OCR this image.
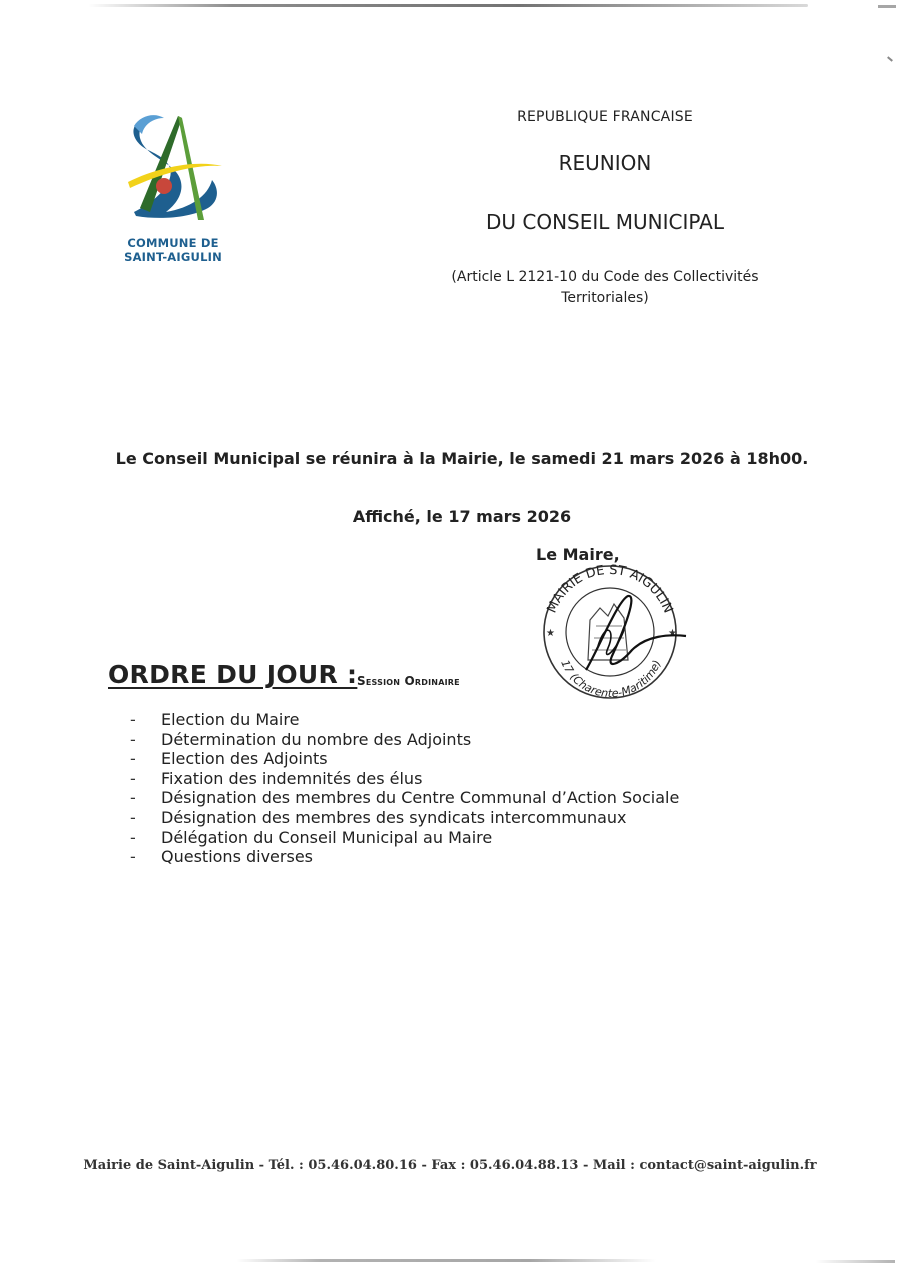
COMMUNE DE
SAINT-AIGULIN
REPUBLIQUE FRANCAISE
REUNION
DU CONSEIL MUNICIPAL
(Article L 2121-10 du Code des Collectivités
Territoriales)
Le Conseil Municipal se réunira à la Mairie, le samedi 21 mars 2026 à 18h00.
Affiché, le 17 mars 2026
Le Maire,
MAIRIE DE ST AIGULIN
17 (Charente-Maritime)
★	★
ORDRE DU JOUR : Session Ordinaire
- Election du Maire
- Détermination du nombre des Adjoints
- Election des Adjoints
- Fixation des indemnités des élus
- Désignation des membres du Centre Communal d’Action Sociale
- Désignation des membres des syndicats intercommunaux
- Délégation du Conseil Municipal au Maire
- Questions diverses
Mairie de Saint-Aigulin - Tél. : 05.46.04.80.16 - Fax : 05.46.04.88.13 - Mail : contact@saint-aigulin.fr
